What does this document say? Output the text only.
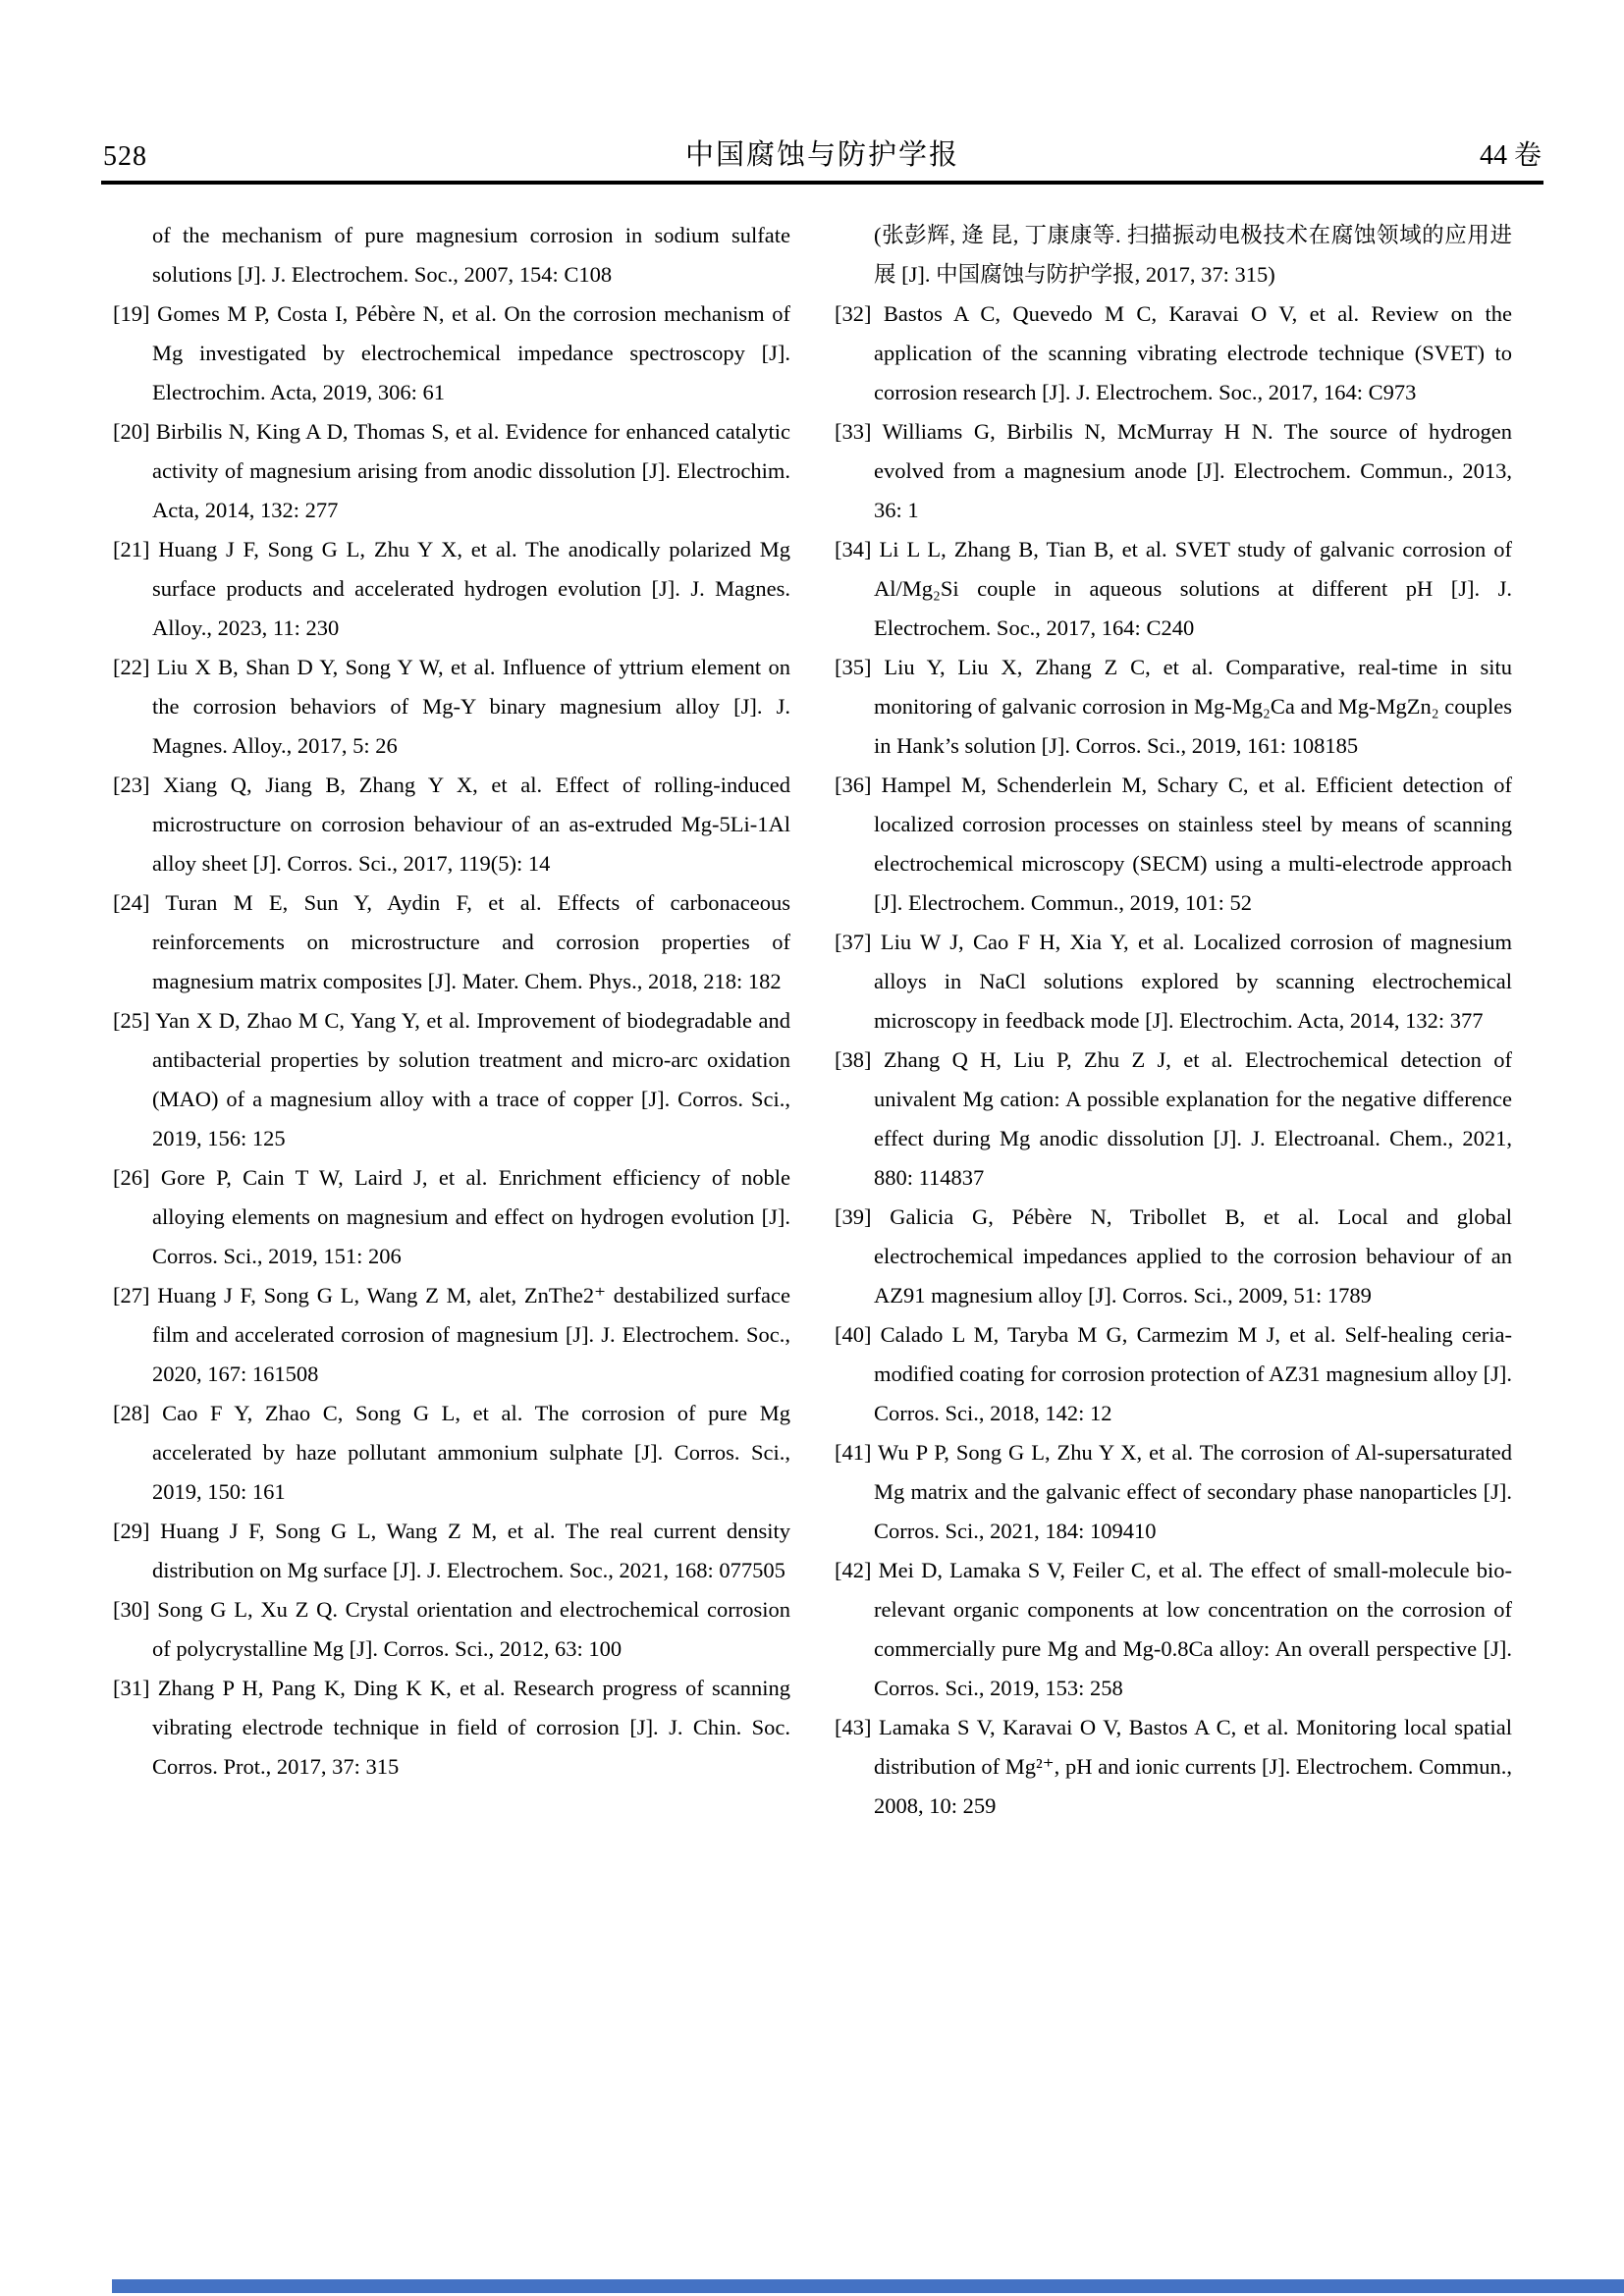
528	中国腐蚀与防护学报	44 卷

of the mechanism of pure magnesium corrosion in sodium sulfate solutions [J]. J. Electrochem. Soc., 2007, 154: C108

[19] Gomes M P, Costa I, Pébère N, et al. On the corrosion mechanism of Mg investigated by electrochemical impedance spectroscopy [J]. Electrochim. Acta, 2019, 306: 61

[20] Birbilis N, King A D, Thomas S, et al. Evidence for enhanced catalytic activity of magnesium arising from anodic dissolution [J]. Electrochim. Acta, 2014, 132: 277

[21] Huang J F, Song G L, Zhu Y X, et al. The anodically polarized Mg surface products and accelerated hydrogen evolution [J]. J. Magnes. Alloy., 2023, 11: 230

[22] Liu X B, Shan D Y, Song Y W, et al. Influence of yttrium element on the corrosion behaviors of Mg-Y binary magnesium alloy [J]. J. Magnes. Alloy., 2017, 5: 26

[23] Xiang Q, Jiang B, Zhang Y X, et al. Effect of rolling-induced microstructure on corrosion behaviour of an as-extruded Mg-5Li-1Al alloy sheet [J]. Corros. Sci., 2017, 119(5): 14

[24] Turan M E, Sun Y, Aydin F, et al. Effects of carbonaceous reinforcements on microstructure and corrosion properties of magnesium matrix composites [J]. Mater. Chem. Phys., 2018, 218: 182

[25] Yan X D, Zhao M C, Yang Y, et al. Improvement of biodegradable and antibacterial properties by solution treatment and micro-arc oxidation (MAO) of a magnesium alloy with a trace of copper [J]. Corros. Sci., 2019, 156: 125

[26] Gore P, Cain T W, Laird J, et al. Enrichment efficiency of noble alloying elements on magnesium and effect on hydrogen evolution [J]. Corros. Sci., 2019, 151: 206

[27] Huang J F, Song G L, Wang Z M, alet, ZnThe2⁺ destabilized surface film and accelerated corrosion of magnesium [J]. J. Electrochem. Soc., 2020, 167: 161508

[28] Cao F Y, Zhao C, Song G L, et al. The corrosion of pure Mg accelerated by haze pollutant ammonium sulphate [J]. Corros. Sci., 2019, 150: 161

[29] Huang J F, Song G L, Wang Z M, et al. The real current density distribution on Mg surface [J]. J. Electrochem. Soc., 2021, 168: 077505

[30] Song G L, Xu Z Q. Crystal orientation and electrochemical corrosion of polycrystalline Mg [J]. Corros. Sci., 2012, 63: 100

[31] Zhang P H, Pang K, Ding K K, et al. Research progress of scanning vibrating electrode technique in field of corrosion [J]. J. Chin. Soc. Corros. Prot., 2017, 37: 315

(张彭辉, 逄 昆, 丁康康等. 扫描振动电极技术在腐蚀领域的应用进展 [J]. 中国腐蚀与防护学报, 2017, 37: 315)

[32] Bastos A C, Quevedo M C, Karavai O V, et al. Review on the application of the scanning vibrating electrode technique (SVET) to corrosion research [J]. J. Electrochem. Soc., 2017, 164: C973

[33] Williams G, Birbilis N, McMurray H N. The source of hydrogen evolved from a magnesium anode [J]. Electrochem. Commun., 2013, 36: 1

[34] Li L L, Zhang B, Tian B, et al. SVET study of galvanic corrosion of Al/Mg₂Si couple in aqueous solutions at different pH [J]. J. Electrochem. Soc., 2017, 164: C240

[35] Liu Y, Liu X, Zhang Z C, et al. Comparative, real-time in situ monitoring of galvanic corrosion in Mg-Mg₂Ca and Mg-MgZn₂ couples in Hank’s solution [J]. Corros. Sci., 2019, 161: 108185

[36] Hampel M, Schenderlein M, Schary C, et al. Efficient detection of localized corrosion processes on stainless steel by means of scanning electrochemical microscopy (SECM) using a multi-electrode approach [J]. Electrochem. Commun., 2019, 101: 52

[37] Liu W J, Cao F H, Xia Y, et al. Localized corrosion of magnesium alloys in NaCl solutions explored by scanning electrochemical microscopy in feedback mode [J]. Electrochim. Acta, 2014, 132: 377

[38] Zhang Q H, Liu P, Zhu Z J, et al. Electrochemical detection of univalent Mg cation: A possible explanation for the negative difference effect during Mg anodic dissolution [J]. J. Electroanal. Chem., 2021, 880: 114837

[39] Galicia G, Pébère N, Tribollet B, et al. Local and global electrochemical impedances applied to the corrosion behaviour of an AZ91 magnesium alloy [J]. Corros. Sci., 2009, 51: 1789

[40] Calado L M, Taryba M G, Carmezim M J, et al. Self-healing ceria-modified coating for corrosion protection of AZ31 magnesium alloy [J]. Corros. Sci., 2018, 142: 12

[41] Wu P P, Song G L, Zhu Y X, et al. The corrosion of Al-supersaturated Mg matrix and the galvanic effect of secondary phase nanoparticles [J]. Corros. Sci., 2021, 184: 109410

[42] Mei D, Lamaka S V, Feiler C, et al. The effect of small-molecule bio-relevant organic components at low concentration on the corrosion of commercially pure Mg and Mg-0.8Ca alloy: An overall perspective [J]. Corros. Sci., 2019, 153: 258

[43] Lamaka S V, Karavai O V, Bastos A C, et al. Monitoring local spatial distribution of Mg²⁺, pH and ionic currents [J]. Electrochem. Commun., 2008, 10: 259
